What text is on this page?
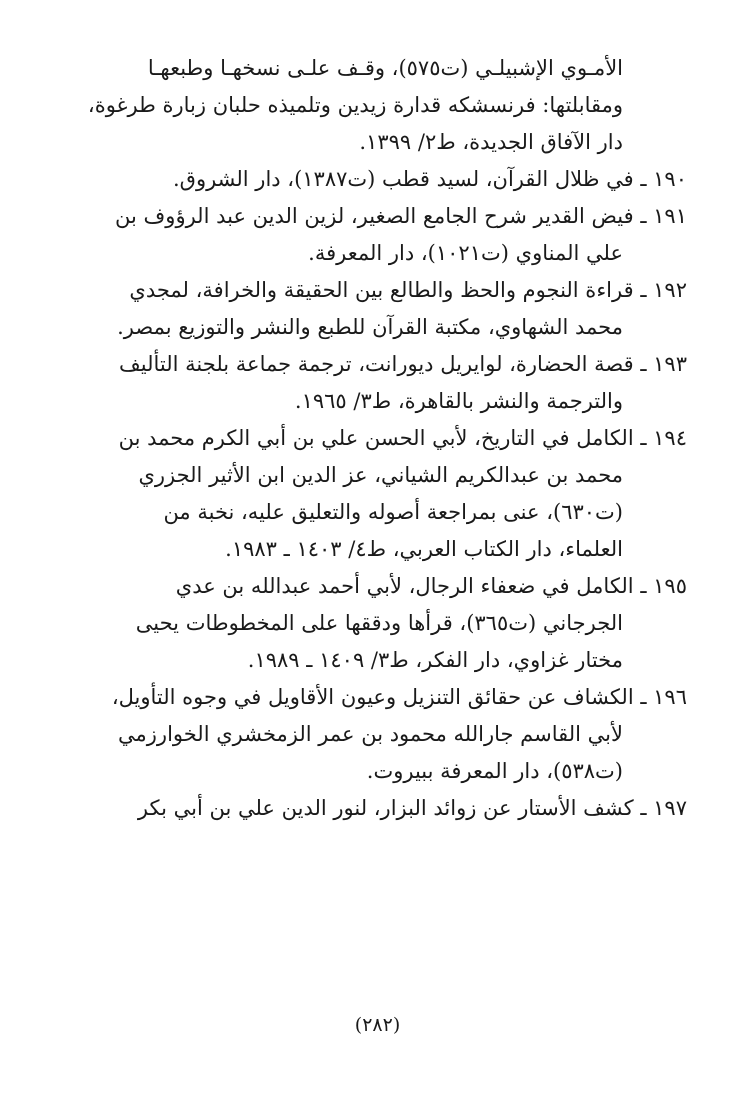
الأمـوي الإشبيلـي (ت٥٧٥)، وقـف علـى نسخهـا وطبعهـا
ومقابلتها: فرنسشكه قدارة زيدين وتلميذه حلبان زبارة طرغوة،
دار الآفاق الجديدة، ط٢/ ١٣٩٩.
١٩٠ ـ في ظلال القرآن، لسيد قطب (ت١٣٨٧)، دار الشروق.
١٩١ ـ فيض القدير شرح الجامع الصغير، لزين الدين عبد الرؤوف بن
علي المناوي (ت١٠٢١)، دار المعرفة.
١٩٢ ـ قراءة النجوم والحظ والطالع بين الحقيقة والخرافة، لمجدي
محمد الشهاوي، مكتبة القرآن للطبع والنشر والتوزيع بمصر.
١٩٣ ـ قصة الحضارة، لوايريل ديورانت، ترجمة جماعة بلجنة التأليف
والترجمة والنشر بالقاهرة، ط٣/ ١٩٦٥.
١٩٤ ـ الكامل في التاريخ، لأبي الحسن علي بن أبي الكرم محمد بن
محمد بن عبدالكريم الشياني، عز الدين ابن الأثير الجزري
(ت٦٣٠)، عنى بمراجعة أصوله والتعليق عليه، نخبة من
العلماء، دار الكتاب العربي، ط٤/ ١٤٠٣ ـ ١٩٨٣.
١٩٥ ـ الكامل في ضعفاء الرجال، لأبي أحمد عبدالله بن عدي
الجرجاني (ت٣٦٥)، قرأها ودققها على المخطوطات يحيى
مختار غزاوي، دار الفكر، ط٣/ ١٤٠٩ ـ ١٩٨٩.
١٩٦ ـ الكشاف عن حقائق التنزيل وعيون الأقاويل في وجوه التأويل،
لأبي القاسم جارالله محمود بن عمر الزمخشري الخوارزمي
(ت٥٣٨)، دار المعرفة ببيروت.
١٩٧ ـ كشف الأستار عن زوائد البزار، لنور الدين علي بن أبي بكر
(٢٨٢)
